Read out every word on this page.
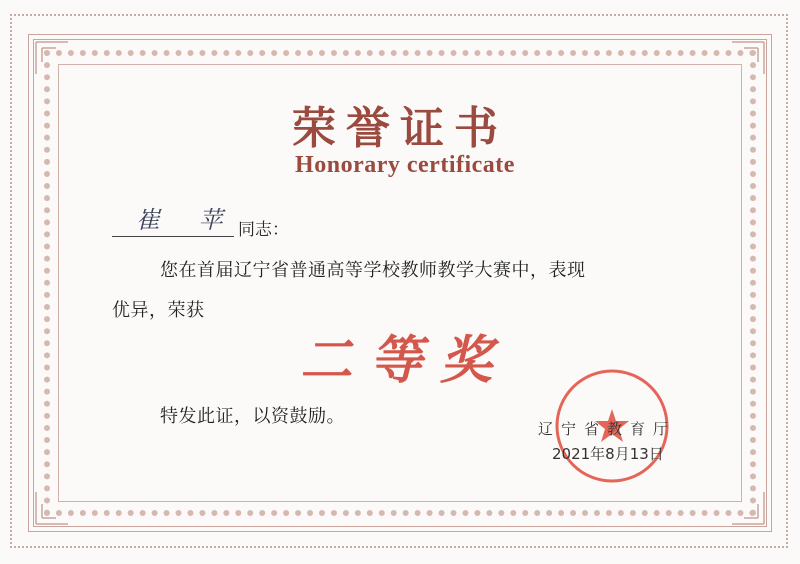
荣誉证书
Honorary certificate
崔 苹 同志：
您在首届辽宁省普通高等学校教师教学大赛中，表现
优异，荣获
二等奖
特发此证，以资鼓励。
辽宁省教育厅
2021年8月13日
